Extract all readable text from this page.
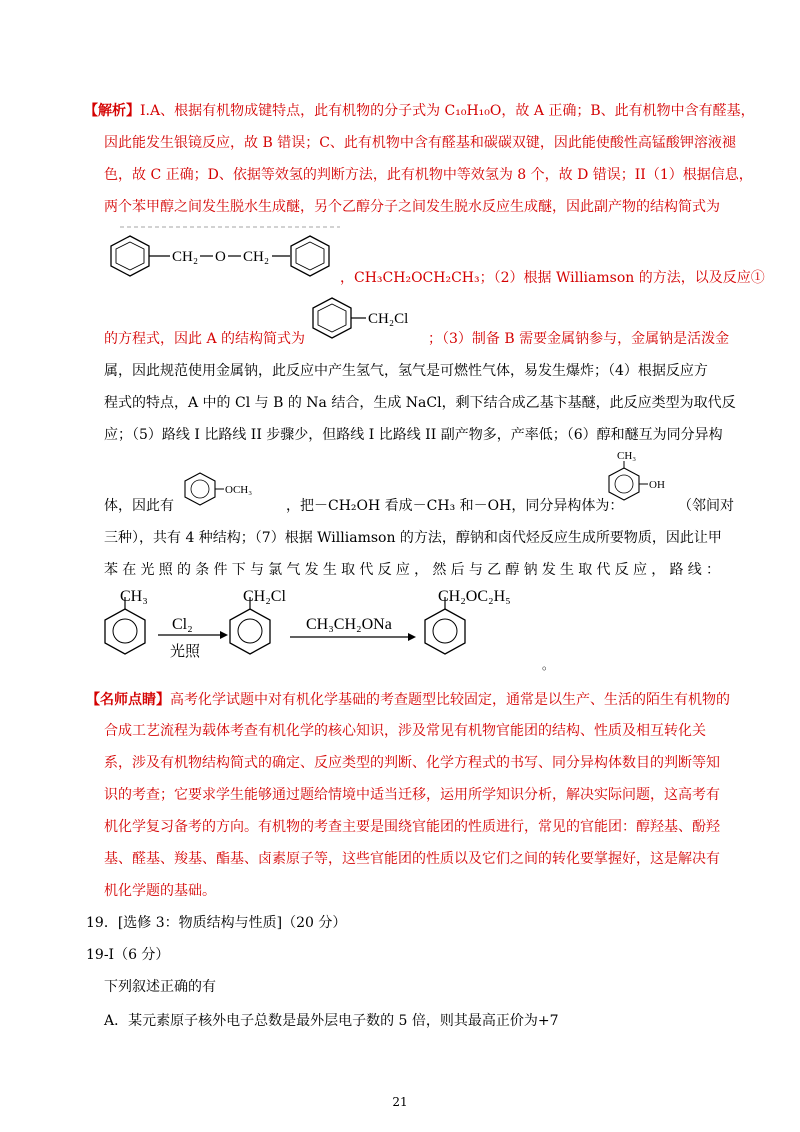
【解析】I.A、根据有机物成键特点，此有机物的分子式为 C₁₀H₁₀O，故 A 正确；B、此有机物中含有醛基，
因此能发生银镜反应，故 B 错误；C、此有机物中含有醛基和碳碳双键，因此能使酸性高锰酸钾溶液褪
色，故 C 正确；D、依据等效氢的判断方法，此有机物中等效氢为 8 个，故 D 错误；II（1）根据信息，
两个苯甲醇之间发生脱水生成醚，另个乙醇分子之间发生脱水反应生成醚，因此副产物的结构简式为
CH₂ O CH₂
，CH₃CH₂OCH₂CH₃；（2）根据 Williamson 的方法，以及反应①
的方程式，因此 A 的结构简式为
CH₂Cl
；（3）制备 B 需要金属钠参与，金属钠是活泼金
属，因此规范使用金属钠，此反应中产生氢气，氢气是可燃性气体，易发生爆炸；（4）根据反应方
程式的特点，A 中的 Cl 与 B 的 Na 结合，生成 NaCl，剩下结合成乙基卞基醚，此反应类型为取代反
应；（5）路线 I 比路线 II 步骤少，但路线 I 比路线 II 副产物多，产率低；（6）醇和醚互为同分异构
体，因此有
OCH₃
，把－CH₂OH 看成－CH₃ 和－OH，同分异构体为：
CH₃
OH
（邻间对
三种），共有 4 种结构；（7）根据 Williamson 的方法，醇钠和卤代烃反应生成所要物质，因此让甲
苯在光照的条件下与氯气发生取代反应，然后与乙醇钠发生取代反应，路线：
CH₃
Cl₂
光照
CH₂Cl
CH₃CH₂ONa
CH₂OC₂H₅
。
【名师点睛】高考化学试题中对有机化学基础的考查题型比较固定，通常是以生产、生活的陌生有机物的
合成工艺流程为载体考查有机化学的核心知识，涉及常见有机物官能团的结构、性质及相互转化关
系，涉及有机物结构简式的确定、反应类型的判断、化学方程式的书写、同分异构体数目的判断等知
识的考查；它要求学生能够通过题给情境中适当迁移，运用所学知识分析，解决实际问题，这高考有
机化学复习备考的方向。有机物的考查主要是围绕官能团的性质进行，常见的官能团：醇羟基、酚羟
基、醛基、羧基、酯基、卤素原子等，这些官能团的性质以及它们之间的转化要掌握好，这是解决有
机化学题的基础。
19．[选修 3：物质结构与性质]（20 分）
19-Ⅰ（6 分）
下列叙述正确的有
A．某元素原子核外电子总数是最外层电子数的 5 倍，则其最高正价为+7
21
